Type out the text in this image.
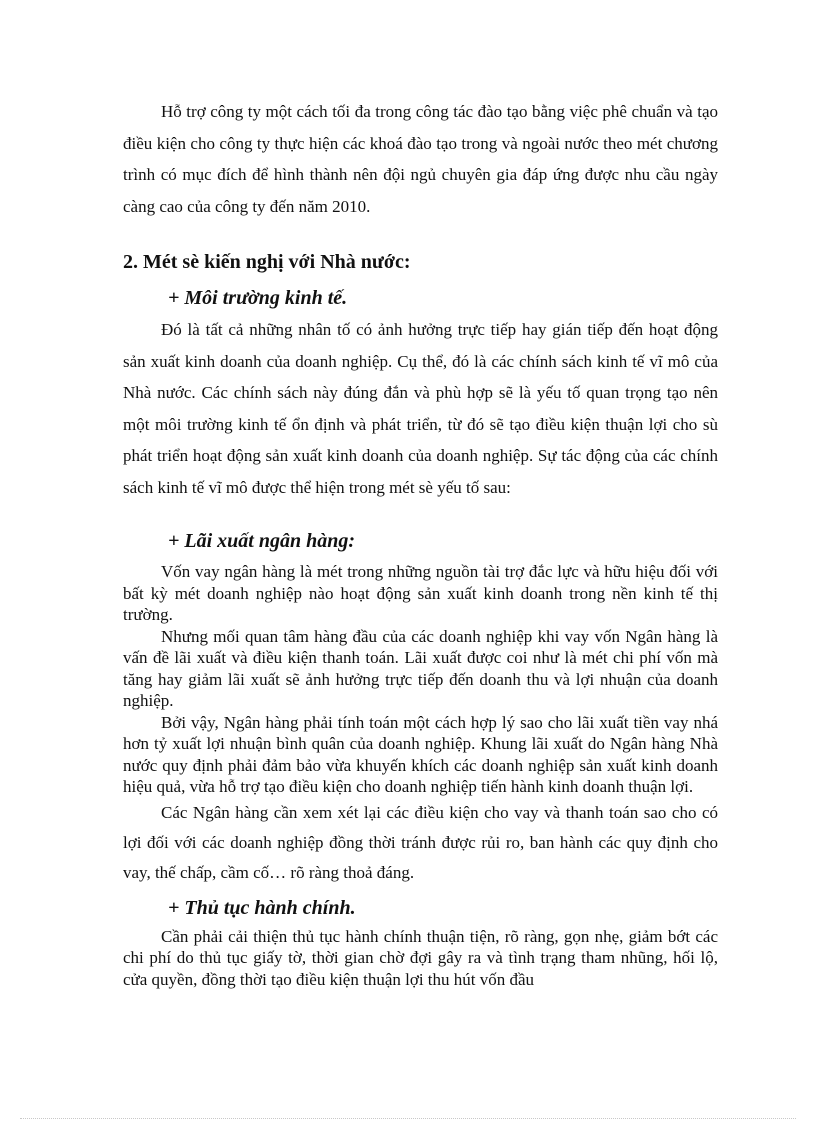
Hỗ trợ công ty một cách tối đa trong công tác đào tạo bằng việc phê chuẩn và tạo điều kiện cho công ty thực hiện các khoá đào tạo trong và ngoài nước theo mét chương trình có mục đích để hình thành nên đội ngủ chuyên gia đáp ứng được nhu cầu ngày càng cao của công ty đến năm 2010.

2. Mét sè kiến nghị với Nhà nước:
+ Môi trường kinh tế.

Đó là tất cả những nhân tố có ảnh hưởng trực tiếp hay gián tiếp đến hoạt động sản xuất kinh doanh của doanh nghiệp. Cụ thể, đó là các chính sách kinh tế vĩ mô của Nhà nước. Các chính sách này đúng đắn và phù hợp sẽ là yếu tố quan trọng tạo nên một môi trường kinh tế ổn định và phát triển, từ đó sẽ tạo điều kiện thuận lợi cho sù phát triển hoạt động sản xuất kinh doanh của doanh nghiệp. Sự tác động của các chính sách kinh tế vĩ mô được thể hiện trong mét sè yếu tố sau:

+ Lãi xuất ngân hàng:

Vốn vay ngân hàng là mét trong những nguồn tài trợ đắc lực và hữu hiệu đối với bất kỳ mét doanh nghiệp nào hoạt động sản xuất kinh doanh trong nền kinh tế thị trường.

Nhưng mối quan tâm hàng đầu của các doanh nghiệp khi vay vốn Ngân hàng là vấn đề lãi xuất và điều kiện thanh toán. Lãi xuất được coi như là mét chi phí vốn mà tăng hay giảm lãi xuất sẽ ảnh hưởng trực tiếp đến doanh thu và lợi nhuận của doanh nghiệp.

Bởi vậy, Ngân hàng phải tính toán một cách hợp lý sao cho lãi xuất tiền vay nhá hơn tỷ xuất lợi nhuận bình quân của doanh nghiệp. Khung lãi xuất do Ngân hàng Nhà nước quy định phải đảm bảo vừa khuyến khích các doanh nghiệp sản xuất kinh doanh hiệu quả, vừa hỗ trợ tạo điều kiện cho doanh nghiệp tiến hành kinh doanh thuận lợi.

Các Ngân hàng cần xem xét lại các điều kiện cho vay và thanh toán sao cho có lợi đối với các doanh nghiệp đồng thời tránh được rủi ro, ban hành các quy định cho vay, thế chấp, cầm cố… rõ ràng thoả đáng.

+ Thủ tục hành chính.

Cần phải cải thiện thủ tục hành chính thuận tiện, rõ ràng, gọn nhẹ, giảm bớt các chi phí do thủ tục giấy tờ, thời gian chờ đợi gây ra và tình trạng tham nhũng, hối lộ, cửa quyền, đồng thời tạo điều kiện thuận lợi thu hút vốn đầu
